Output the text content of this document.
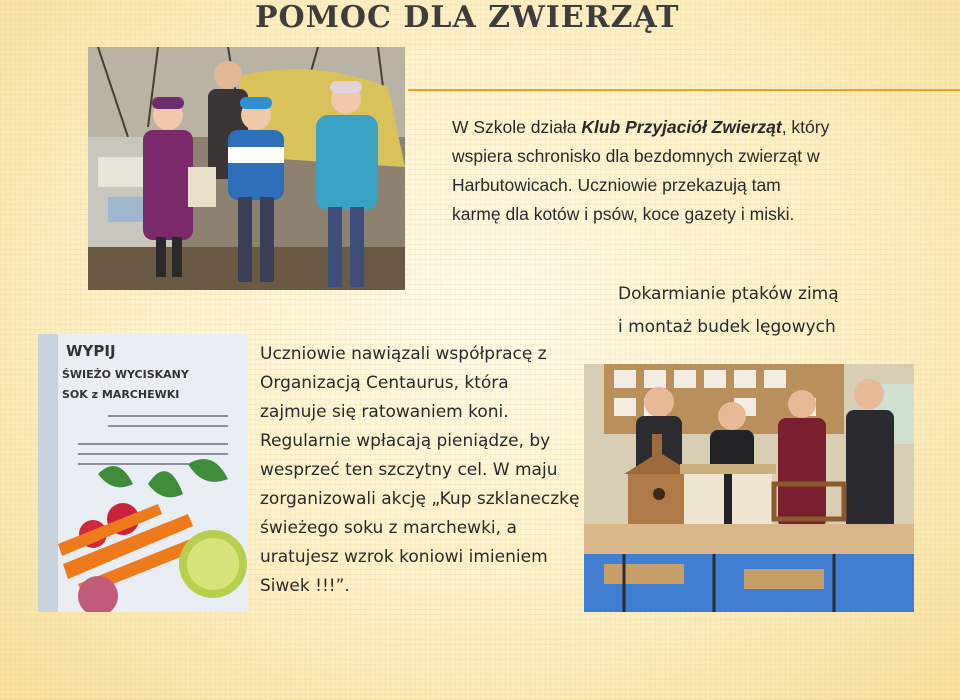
POMOC DLA ZWIERZĄT

W Szkole działa Klub Przyjaciół Zwierząt, który
wspiera schronisko dla bezdomnych zwierząt w
Harbutowicach. Uczniowie przekazują tam
karmę dla kotów i psów, koce gazety i miski.

WYPIJ
ŚWIEŻO WYCISKANY
SOK z MARCHEWKI

Uczniowie nawiązali współpracę z Organizacją Centaurus, która zajmuje się ratowaniem koni. Regularnie wpłacają pieniądze, by wesprzeć ten szczytny cel. W maju zorganizowali akcję „Kup szklaneczkę świeżego soku z marchewki, a uratujesz wzrok koniowi imieniem Siwek !!!”.

Dokarmianie ptaków zimą
i montaż budek lęgowych
